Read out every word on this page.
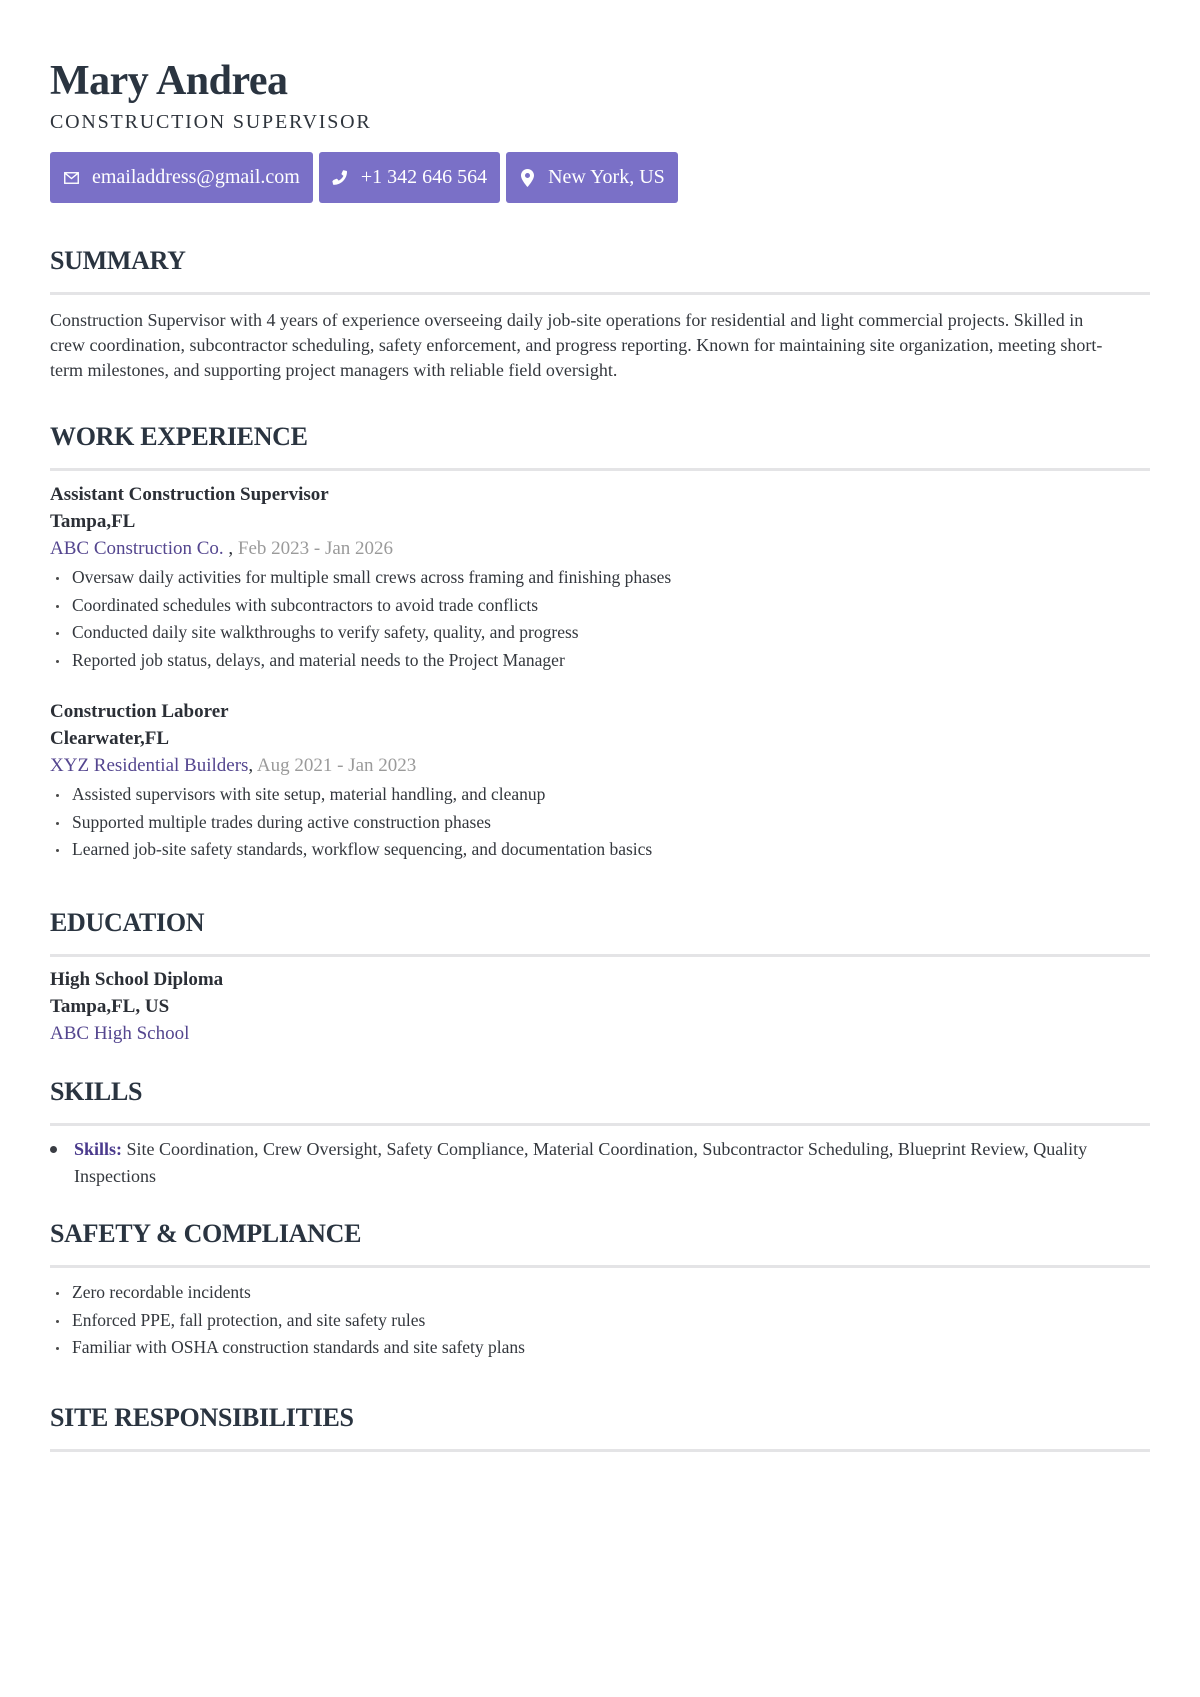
Mary Andrea
CONSTRUCTION SUPERVISOR
emailaddress@gmail.com	+1 342 646 564	New York, US
SUMMARY
Construction Supervisor with 4 years of experience overseeing daily job-site operations for residential and light commercial projects. Skilled in crew coordination, subcontractor scheduling, safety enforcement, and progress reporting. Known for maintaining site organization, meeting short-term milestones, and supporting project managers with reliable field oversight.
WORK EXPERIENCE
Assistant Construction Supervisor
Tampa,FL
ABC Construction Co. , Feb 2023 - Jan 2026
Oversaw daily activities for multiple small crews across framing and finishing phases
Coordinated schedules with subcontractors to avoid trade conflicts
Conducted daily site walkthroughs to verify safety, quality, and progress
Reported job status, delays, and material needs to the Project Manager
Construction Laborer
Clearwater,FL
XYZ Residential Builders, Aug 2021 - Jan 2023
Assisted supervisors with site setup, material handling, and cleanup
Supported multiple trades during active construction phases
Learned job-site safety standards, workflow sequencing, and documentation basics
EDUCATION
High School Diploma
Tampa,FL, US
ABC High School
SKILLS
Skills: Site Coordination, Crew Oversight, Safety Compliance, Material Coordination, Subcontractor Scheduling, Blueprint Review, Quality Inspections
SAFETY & COMPLIANCE
Zero recordable incidents
Enforced PPE, fall protection, and site safety rules
Familiar with OSHA construction standards and site safety plans
SITE RESPONSIBILITIES
